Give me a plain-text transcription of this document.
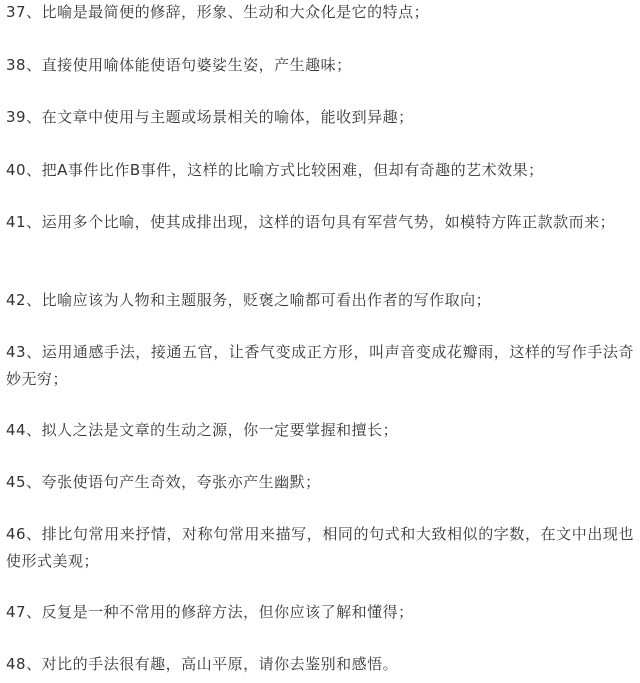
37、比喻是最简便的修辞，形象、生动和大众化是它的特点；

38、直接使用喻体能使语句婆娑生姿，产生趣味；

39、在文章中使用与主题或场景相关的喻体，能收到异趣；

40、把A事件比作B事件，这样的比喻方式比较困难，但却有奇趣的艺术效果；

41、运用多个比喻，使其成排出现，这样的语句具有军营气势，如模特方阵正款款而来；

42、比喻应该为人物和主题服务，贬褒之喻都可看出作者的写作取向；

43、运用通感手法，接通五官，让香气变成正方形，叫声音变成花瓣雨，这样的写作手法奇妙无穷；

44、拟人之法是文章的生动之源，你一定要掌握和擅长；

45、夸张使语句产生奇效，夸张亦产生幽默；

46、排比句常用来抒情，对称句常用来描写，相同的句式和大致相似的字数，在文中出现也使形式美观；

47、反复是一种不常用的修辞方法，但你应该了解和懂得；

48、对比的手法很有趣，高山平原，请你去鉴别和感悟。
